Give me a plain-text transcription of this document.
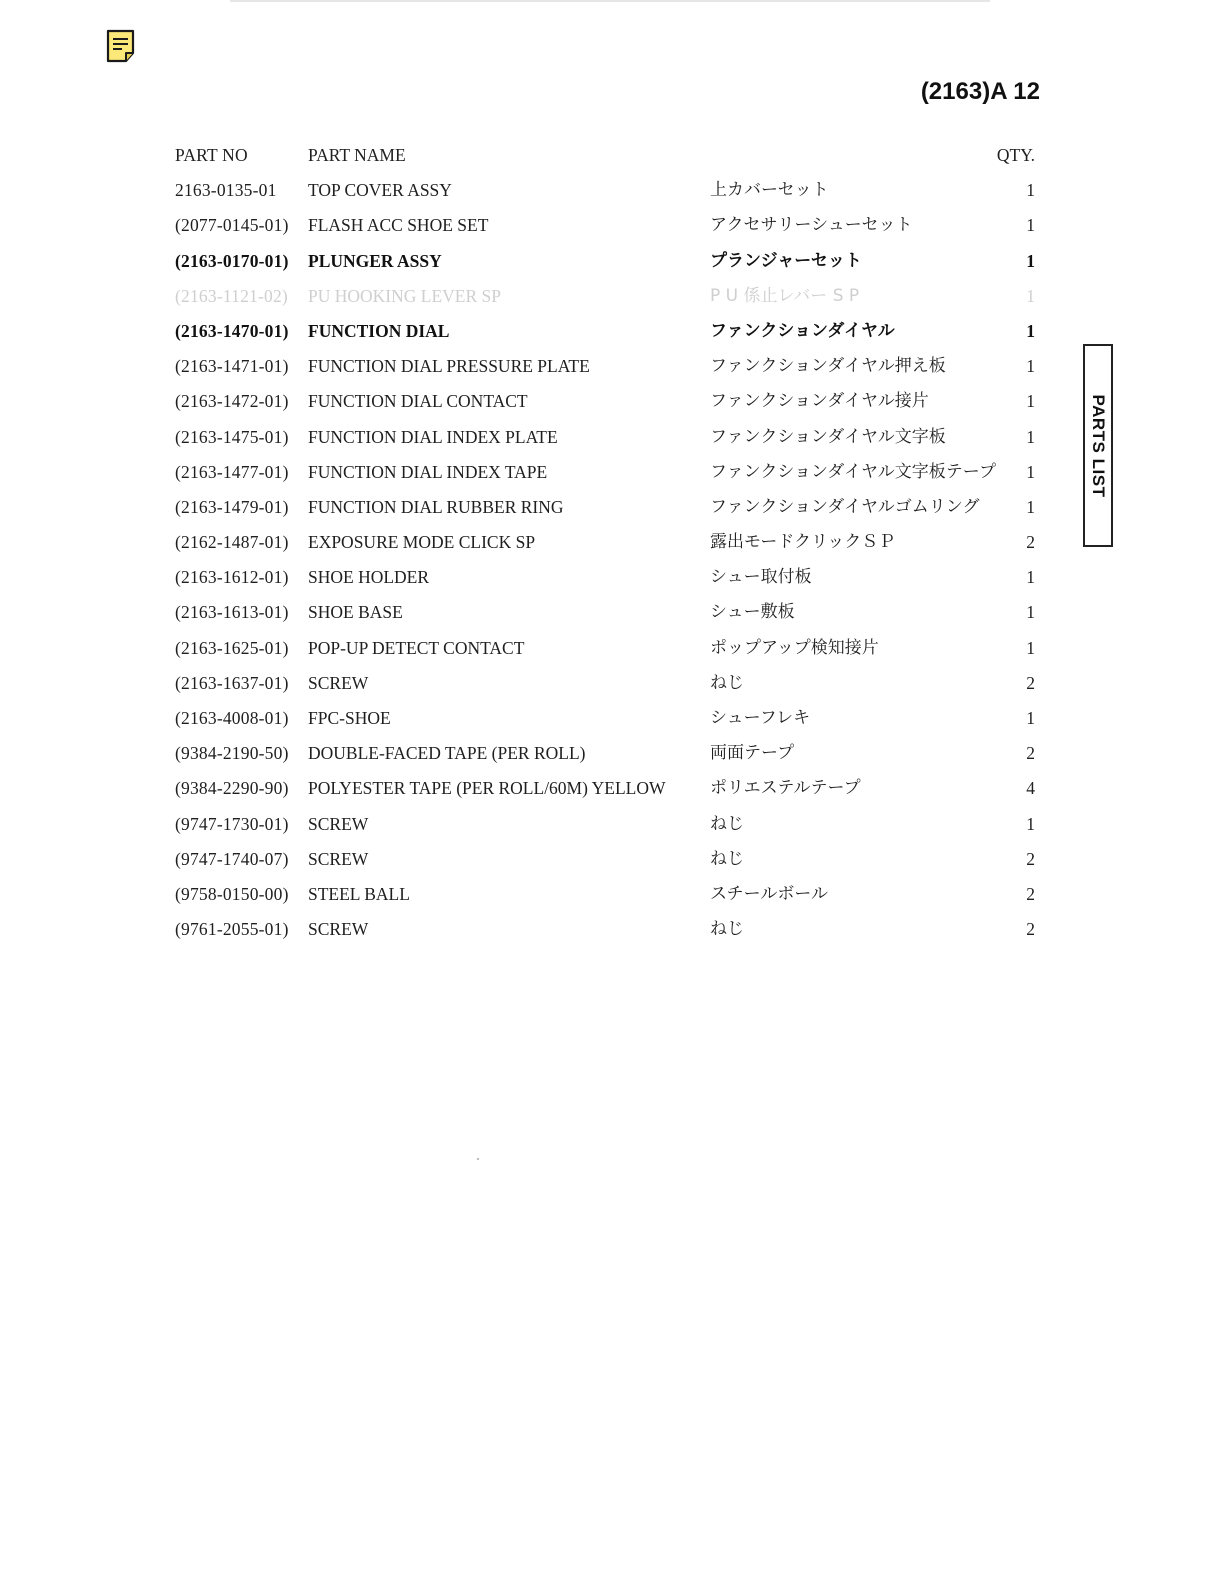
(2163)A 12
PARTS LIST
PART NO	PART NAME	QTY.
2163-0135-01 TOP COVER ASSY	上カバーセット	1
(2077-0145-01) FLASH ACC SHOE SET	アクセサリーシューセット	1
(2163-0170-01) PLUNGER ASSY	プランジャーセット	1
(2163-1121-02) PU HOOKING LEVER SP	P U 係止レバー S P	1
(2163-1470-01) FUNCTION DIAL	ファンクションダイヤル	1
(2163-1471-01) FUNCTION DIAL PRESSURE PLATE	ファンクションダイヤル押え板	1
(2163-1472-01) FUNCTION DIAL CONTACT	ファンクションダイヤル接片	1
(2163-1475-01) FUNCTION DIAL INDEX PLATE	ファンクションダイヤル文字板	1
(2163-1477-01) FUNCTION DIAL INDEX TAPE	ファンクションダイヤル文字板テープ	1
(2163-1479-01) FUNCTION DIAL RUBBER RING	ファンクションダイヤルゴムリング	1
(2162-1487-01) EXPOSURE MODE CLICK SP	露出モードクリックＳＰ	2
(2163-1612-01) SHOE HOLDER	シュー取付板	1
(2163-1613-01) SHOE BASE	シュー敷板	1
(2163-1625-01) POP-UP DETECT CONTACT	ポップアップ検知接片	1
(2163-1637-01) SCREW	ねじ	2
(2163-4008-01) FPC-SHOE	シューフレキ	1
(9384-2190-50) DOUBLE-FACED TAPE (PER ROLL)	両面テープ	2
(9384-2290-90) POLYESTER TAPE (PER ROLL/60M) YELLOW	ポリエステルテープ	4
(9747-1730-01) SCREW	ねじ	1
(9747-1740-07) SCREW	ねじ	2
(9758-0150-00) STEEL BALL	スチールボール	2
(9761-2055-01) SCREW	ねじ	2
